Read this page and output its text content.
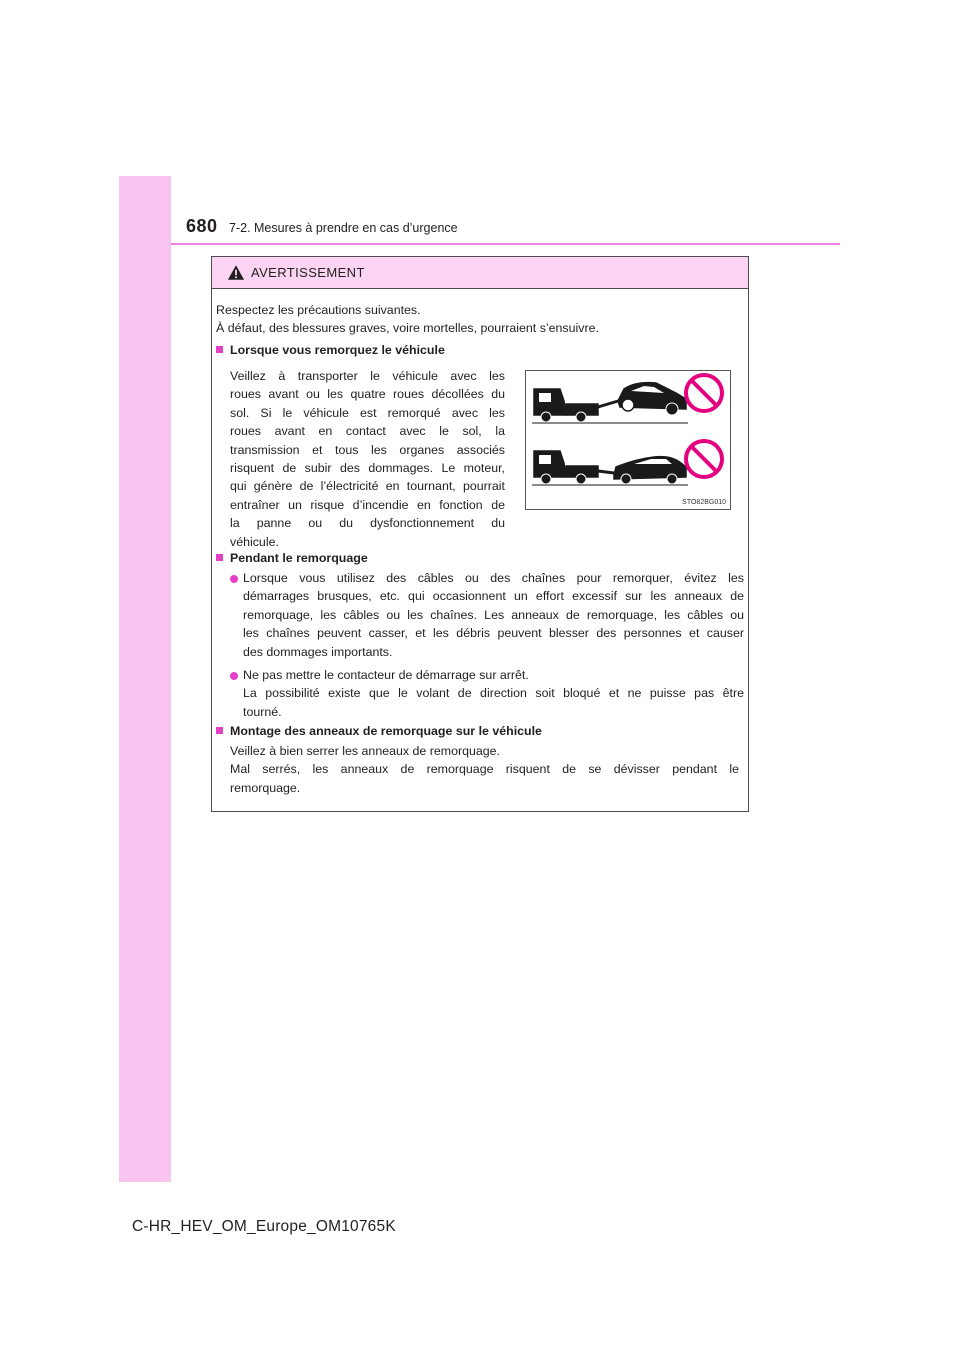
680 7-2. Mesures à prendre en cas d’urgence
AVERTISSEMENT
Respectez les précautions suivantes.
À défaut, des blessures graves, voire mortelles, pourraient s’ensuivre.
Lorsque vous remorquez le véhicule
Veillez à transporter le véhicule avec les
roues avant ou les quatre roues décollées du
sol. Si le véhicule est remorqué avec les
roues avant en contact avec le sol, la
transmission et tous les organes associés
risquent de subir des dommages. Le moteur,
qui génère de l’électricité en tournant, pourrait
entraîner un risque d’incendie en fonction de
la panne ou du dysfonctionnement du
véhicule.
STO82BG010
Pendant le remorquage
Lorsque vous utilisez des câbles ou des chaînes pour remorquer, évitez les
démarrages brusques, etc. qui occasionnent un effort excessif sur les anneaux de
remorquage, les câbles ou les chaînes. Les anneaux de remorquage, les câbles ou
les chaînes peuvent casser, et les débris peuvent blesser des personnes et causer
des dommages importants.
Ne pas mettre le contacteur de démarrage sur arrêt.
La possibilité existe que le volant de direction soit bloqué et ne puisse pas être
tourné.
Montage des anneaux de remorquage sur le véhicule
Veillez à bien serrer les anneaux de remorquage.
Mal serrés, les anneaux de remorquage risquent de se dévisser pendant le
remorquage.
C-HR_HEV_OM_Europe_OM10765K
